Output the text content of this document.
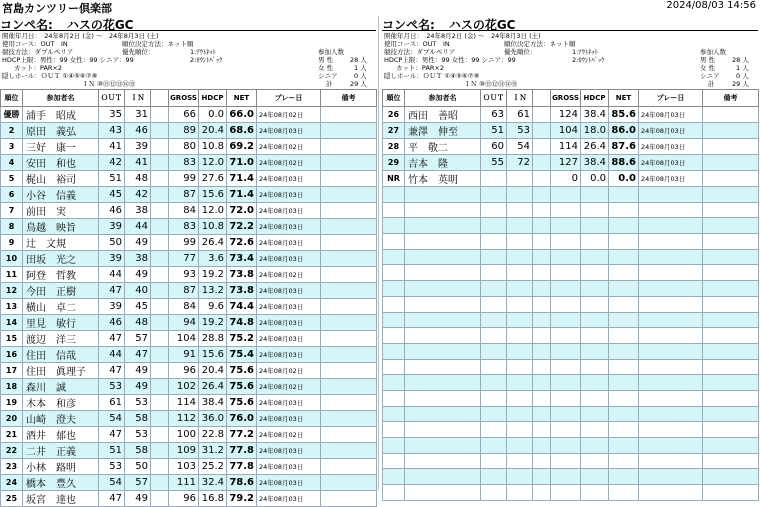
宮島カンツリー倶楽部	2024/08/03 14:56
コンペ名: ハスの花GC
開催年月日：　24年8月2日 (金) ～　24年8月3日 (土)
使用コース：OUT　IN	順位決定方法：ネット順
競技方法：ダブルペリア	優先順位：	1:ｱｳﾄﾈｯﾄ
HDCP上限：男性：99 女性：99 シニア：99	2:ｶｳﾝﾄﾊﾞｯｸ
カット：PAR×2
隠しホール：ＯＵＴ ①④⑤⑥⑦⑧
ＩＮ ⑩⑪⑫⑬⑭⑮
参加人数
男 性	28 人
女 性	1 人
シニア	0 人
計	29 人
順位	参加者名	ＯＵＴ	ＩＮ		GROSS	HDCP	NET	プレー日	備考
優勝	浦手　昭成	35	31		66	0.0	66.0	24年08月02日	
2	原田　義弘	43	46		89	20.4	68.6	24年08月03日	
3	三好　康一	41	39		80	10.8	69.2	24年08月02日	
4	安田　和也	42	41		83	12.0	71.0	24年08月02日	
5	梶山　裕司	51	48		99	27.6	71.4	24年08月03日	
6	小谷　信義	45	42		87	15.6	71.4	24年08月03日	
7	前田　実	46	38		84	12.0	72.0	24年08月03日	
8	鳥越　映旨	39	44		83	10.8	72.2	24年08月03日	
9	辻　文規	50	49		99	26.4	72.6	24年08月03日	
10	田坂　光之	39	38		77	3.6	73.4	24年08月03日	
11	阿登　哲教	44	49		93	19.2	73.8	24年08月02日	
12	今田　正樹	47	40		87	13.2	73.8	24年08月03日	
13	横山　卓二	39	45		84	9.6	74.4	24年08月03日	
14	里見　敏行	46	48		94	19.2	74.8	24年08月03日	
15	渡辺　洋三	47	57		104	28.8	75.2	24年08月03日	
16	住田　信哉	44	47		91	15.6	75.4	24年08月03日	
17	住田　眞理子	47	49		96	20.4	75.6	24年08月02日	
18	森川　誠	53	49		102	26.4	75.6	24年08月02日	
19	木本　和彦	61	53		114	38.4	75.6	24年08月03日	
20	山崎　澄夫	54	58		112	36.0	76.0	24年08月03日	
21	酒井　郁也	47	53		100	22.8	77.2	24年08月02日	
22	二井　正義	51	58		109	31.2	77.8	24年08月03日	
23	小林　路明	53	50		103	25.2	77.8	24年08月03日	
24	橋本　豊久	54	57		111	32.4	78.6	24年08月03日	
25	坂宮　達也	47	49		96	16.8	79.2	24年08月03日	
コンペ名: ハスの花GC
開催年月日：　24年8月2日 (金) ～　24年8月3日 (土)
使用コース：OUT　IN	順位決定方法：ネット順
競技方法：ダブルペリア	優先順位：	1:ｱｳﾄﾈｯﾄ
HDCP上限：男性：99 女性：99 シニア：99	2:ｶｳﾝﾄﾊﾞｯｸ
カット：PAR×2
隠しホール：ＯＵＴ ①④⑤⑥⑦⑧
ＩＮ ⑩⑪⑫⑬⑭⑮
参加人数
男 性	28 人
女 性	1 人
シニア	0 人
計	29 人
順位	参加者名	ＯＵＴ	ＩＮ		GROSS	HDCP	NET	プレー日	備考
26	西田　善昭	63	61		124	38.4	85.6	24年08月03日	
27	兼澤　伸至	51	53		104	18.0	86.0	24年08月03日	
28	平　敬二	60	54		114	26.4	87.6	24年08月03日	
29	吉本　隆	55	72		127	38.4	88.6	24年08月03日	
NR	竹本　英明				0	0.0	0.0	24年08月03日	
